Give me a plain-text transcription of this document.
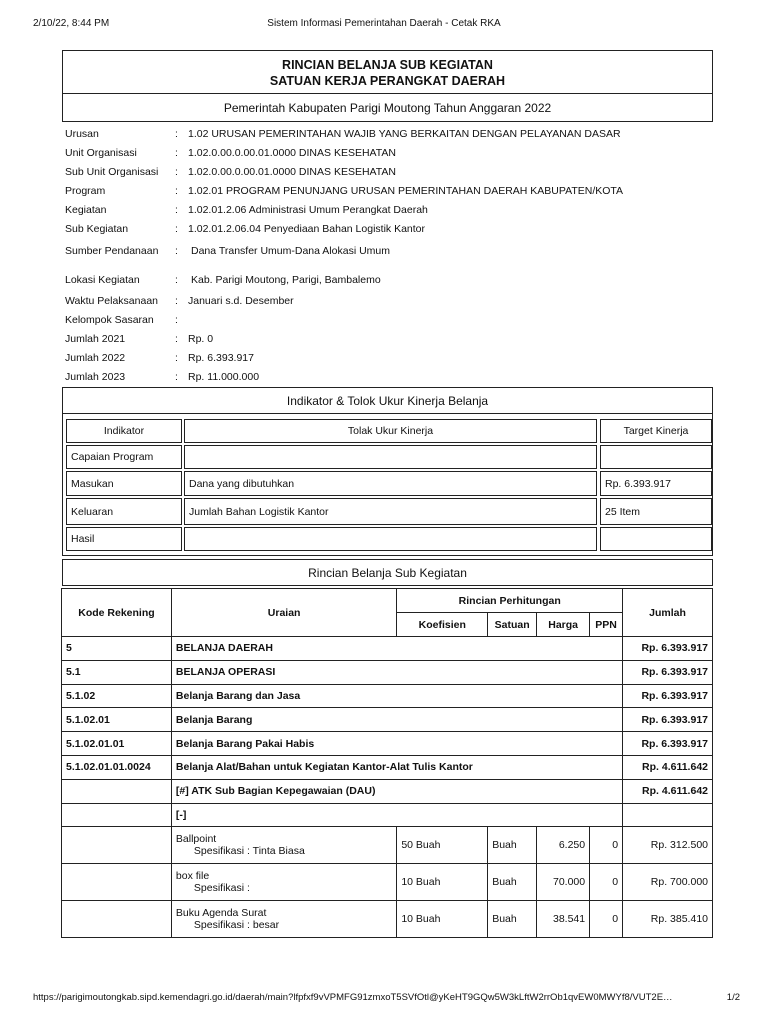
2/10/22, 8:44 PM	Sistem Informasi Pemerintahan Daerah - Cetak RKA
RINCIAN BELANJA SUB KEGIATAN
SATUAN KERJA PERANGKAT DAERAH
Pemerintah Kabupaten Parigi Moutong Tahun Anggaran 2022
Urusan	: 1.02 URUSAN PEMERINTAHAN WAJIB YANG BERKAITAN DENGAN PELAYANAN DASAR
Unit Organisasi	: 1.02.0.00.0.00.01.0000 DINAS KESEHATAN
Sub Unit Organisasi : 1.02.0.00.0.00.01.0000 DINAS KESEHATAN
Program	: 1.02.01 PROGRAM PENUNJANG URUSAN PEMERINTAHAN DAERAH KABUPATEN/KOTA
Kegiatan	: 1.02.01.2.06 Administrasi Umum Perangkat Daerah
Sub Kegiatan	: 1.02.01.2.06.04 Penyediaan Bahan Logistik Kantor
Sumber Pendanaan : Dana Transfer Umum-Dana Alokasi Umum
Lokasi Kegiatan	: Kab. Parigi Moutong, Parigi, Bambalemo
Waktu Pelaksanaan : Januari s.d. Desember
Kelompok Sasaran :
Jumlah 2021	: Rp. 0
Jumlah 2022	: Rp. 6.393.917
Jumlah 2023	: Rp. 11.000.000
Indikator & Tolok Ukur Kinerja Belanja
Indikator	Tolak Ukur Kinerja	Target Kinerja
Capaian Program
Masukan	Dana yang dibutuhkan	Rp. 6.393.917
Keluaran	Jumlah Bahan Logistik Kantor	25 Item
Hasil
Rincian Belanja Sub Kegiatan
Kode Rekening	Uraian	Rincian Perhitungan				Jumlah
		Koefisien	Satuan	Harga	PPN	
5	BELANJA DAERAH					Rp. 6.393.917
5.1	BELANJA OPERASI					Rp. 6.393.917
5.1.02	Belanja Barang dan Jasa					Rp. 6.393.917
5.1.02.01	Belanja Barang					Rp. 6.393.917
5.1.02.01.01	Belanja Barang Pakai Habis					Rp. 6.393.917
5.1.02.01.01.0024	Belanja Alat/Bahan untuk Kegiatan Kantor-Alat Tulis Kantor					Rp. 4.611.642
	[#] ATK Sub Bagian Kepegawaian (DAU)					Rp. 4.611.642
	[-]					

	Ballpoint
Spesifikasi : Tinta Biasa	50 Buah	Buah	6.250	0	Rp. 312.500

	box file
Spesifikasi :	10 Buah	Buah	70.000	0	Rp. 700.000

	Buku Agenda Surat
Spesifikasi : besar	10 Buah	Buah	38.541	0	Rp. 385.410
https://parigimoutongkab.sipd.kemendagri.go.id/daerah/main?lfpfxf9vVPMFG91zmxoT5SVfOtl@yKeHT9GQw5W3kLftW2rrOb1qvEW0MWYf8/VUT2E…	1/2
